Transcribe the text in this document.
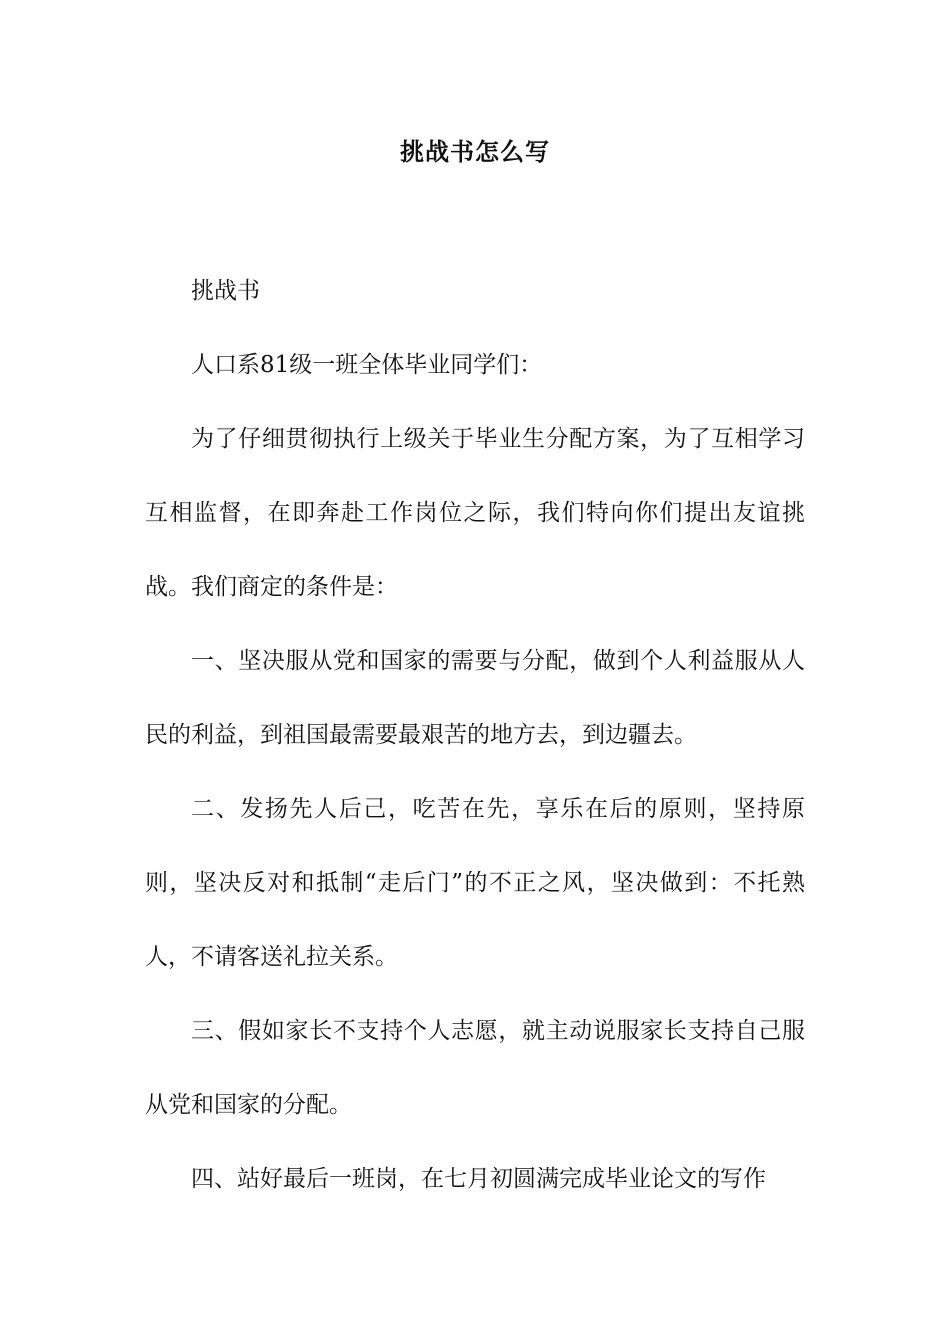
挑战书怎么写

挑战书

人口系81级一班全体毕业同学们：

为了仔细贯彻执行上级关于毕业生分配方案，为了互相学习互相监督，在即奔赴工作岗位之际，我们特向你们提出友谊挑战。我们商定的条件是：

一、坚决服从党和国家的需要与分配，做到个人利益服从人民的利益，到祖国最需要最艰苦的地方去，到边疆去。

二、发扬先人后己，吃苦在先，享乐在后的原则，坚持原则，坚决反对和抵制“走后门”的不正之风，坚决做到：不托熟人，不请客送礼拉关系。

三、假如家长不支持个人志愿，就主动说服家长支持自己服从党和国家的分配。

四、站好最后一班岗，在七月初圆满完成毕业论文的写作
